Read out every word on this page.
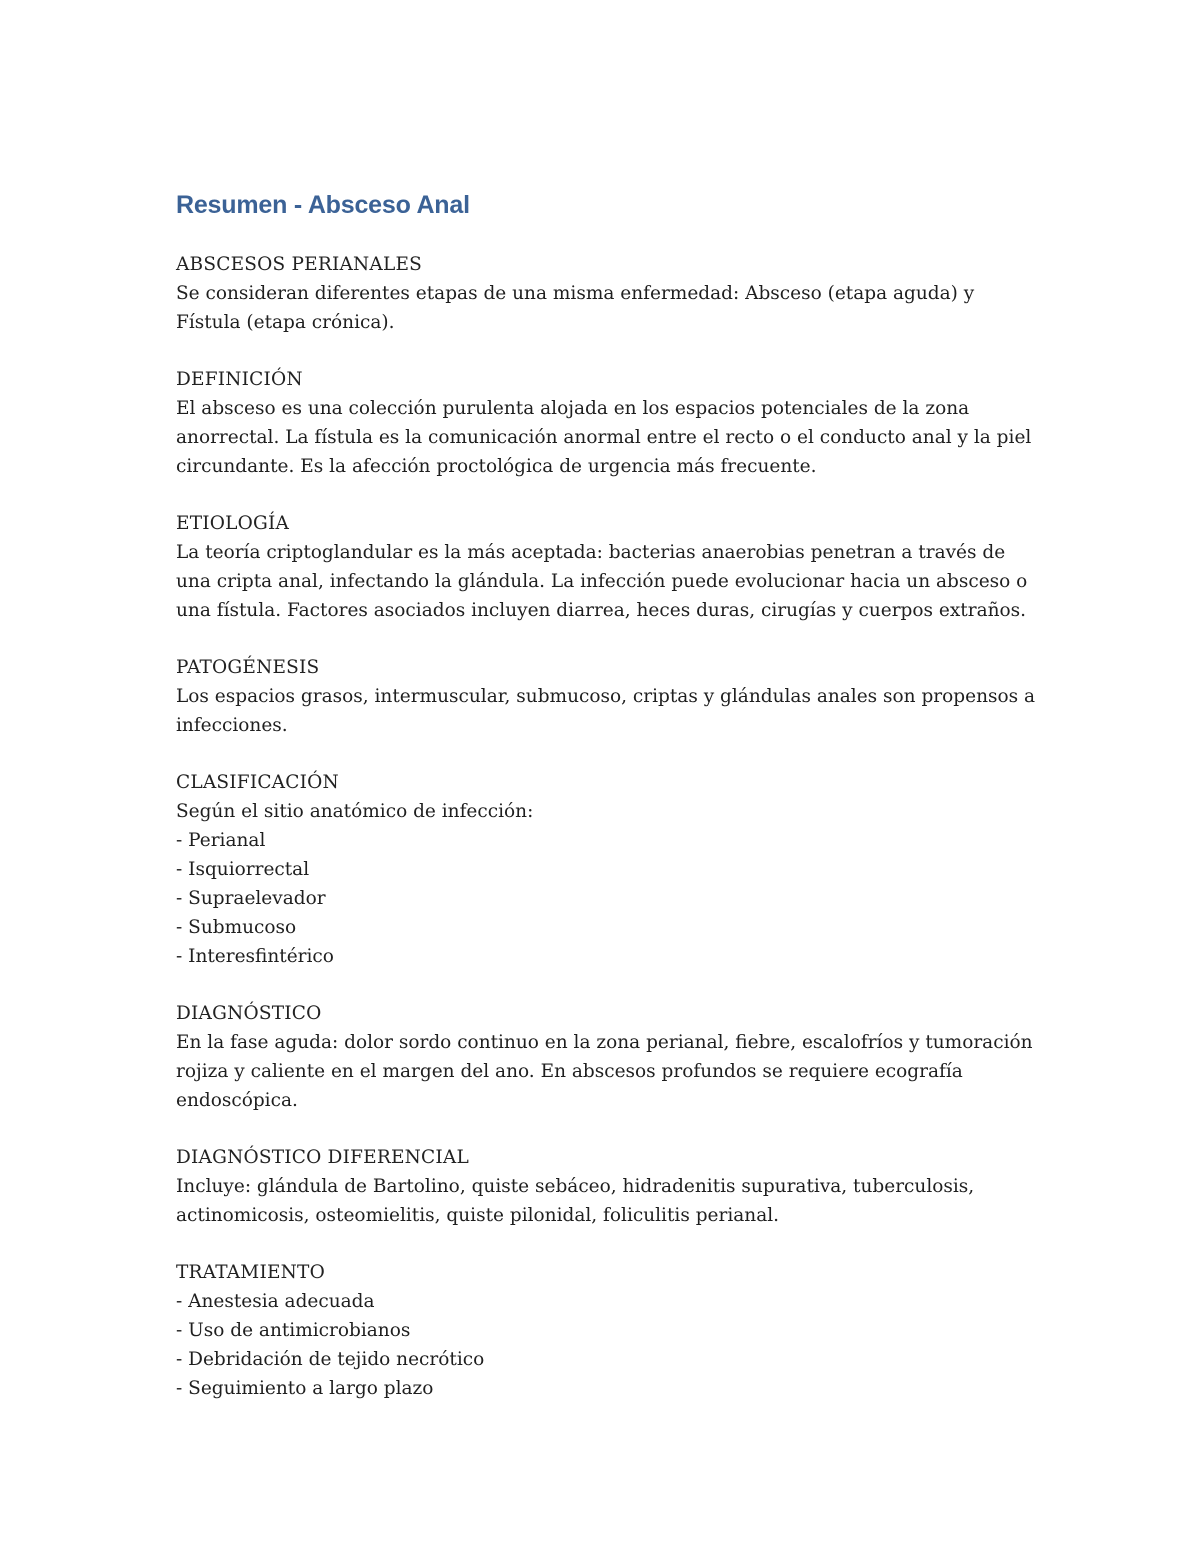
Resumen - Absceso Anal
ABSCESOS PERIANALES
Se consideran diferentes etapas de una misma enfermedad: Absceso (etapa aguda) y Fístula (etapa crónica).
DEFINICIÓN
El absceso es una colección purulenta alojada en los espacios potenciales de la zona anorrectal. La fístula es la comunicación anormal entre el recto o el conducto anal y la piel circundante. Es la afección proctológica de urgencia más frecuente.
ETIOLOGÍA
La teoría criptoglandular es la más aceptada: bacterias anaerobias penetran a través de una cripta anal, infectando la glándula. La infección puede evolucionar hacia un absceso o una fístula. Factores asociados incluyen diarrea, heces duras, cirugías y cuerpos extraños.
PATOGÉNESIS
Los espacios grasos, intermuscular, submucoso, criptas y glándulas anales son propensos a infecciones.
CLASIFICACIÓN
Según el sitio anatómico de infección:
- Perianal
- Isquiorrectal
- Supraelevador
- Submucoso
- Interesfintérico
DIAGNÓSTICO
En la fase aguda: dolor sordo continuo en la zona perianal, fiebre, escalofríos y tumoración rojiza y caliente en el margen del ano. En abscesos profundos se requiere ecografía endoscópica.
DIAGNÓSTICO DIFERENCIAL
Incluye: glándula de Bartolino, quiste sebáceo, hidradenitis supurativa, tuberculosis, actinomicosis, osteomielitis, quiste pilonidal, foliculitis perianal.
TRATAMIENTO
- Anestesia adecuada
- Uso de antimicrobianos
- Debridación de tejido necrótico
- Seguimiento a largo plazo
